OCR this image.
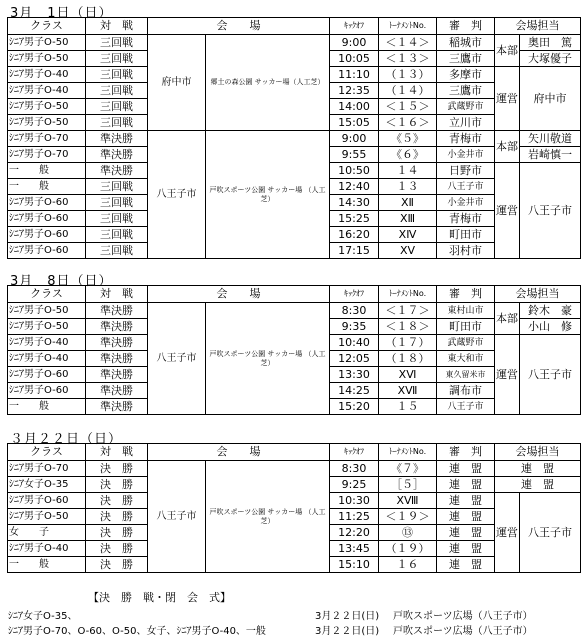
3月　1日（日）
クラス	対　戦	会　　場		ｷｯｸｵﾌ	ﾄｰﾅﾒﾝﾄNo.	審　判	会場担当	
ｼﾆｱ男子O-50	三回戦	府中市	郷土の森公園 サッカー場（人工芝）	9:00	＜１４＞	稲城市	本部	奥田　篤
ｼﾆｱ男子O-50	三回戦			10:05	＜１３＞	三鷹市		大塚優子
ｼﾆｱ男子O-40	三回戦			11:10	（１３）	多摩市	運営	府中市
ｼﾆｱ男子O-40	三回戦			12:35	（１４）	三鷹市		
ｼﾆｱ男子O-50	三回戦			14:00	＜１５＞	武蔵野市		
ｼﾆｱ男子O-50	三回戦			15:05	＜１６＞	立川市		
ｼﾆｱ男子O-70	準決勝	八王子市	戸吹スポーツ公園 サッカー場 （人工芝）	9:00	《５》	青梅市	本部	矢川敬道
ｼﾆｱ男子O-70	準決勝			9:55	《６》	小金井市		岩崎慎一
一　　般	準決勝			10:50	１４	日野市	運営	八王子市
一　　般	三回戦			12:40	１３	八王子市		
ｼﾆｱ男子O-60	三回戦			14:30	ⅩⅡ	小金井市		
ｼﾆｱ男子O-60	三回戦			15:25	ⅩⅢ	青梅市		
ｼﾆｱ男子O-60	三回戦			16:20	ⅩⅣ	町田市		
ｼﾆｱ男子O-60	三回戦			17:15	ⅩⅤ	羽村市		
3月　8日（日）
クラス	対　戦	会　　場		ｷｯｸｵﾌ	ﾄｰﾅﾒﾝﾄNo.	審　判	会場担当	
ｼﾆｱ男子O-50	準決勝	八王子市	戸吹スポーツ公園 サッカー場 （人工芝）	8:30	＜１７＞	東村山市	本部	鈴木　豪
ｼﾆｱ男子O-50	準決勝			9:35	＜１８＞	町田市		小山　修
ｼﾆｱ男子O-40	準決勝			10:40	（１７）	武蔵野市	運営	八王子市
ｼﾆｱ男子O-40	準決勝			12:05	（１８）	東大和市		
ｼﾆｱ男子O-60	準決勝			13:30	ⅩⅥ	東久留米市		
ｼﾆｱ男子O-60	準決勝			14:25	ⅩⅦ	調布市		
一　　般	準決勝			15:20	１５	八王子市		
３月２２日（日）
クラス	対　戦	会　　場		ｷｯｸｵﾌ	ﾄｰﾅﾒﾝﾄNo.	審　判	会場担当	
ｼﾆｱ男子O-70	決　勝	八王子市	戸吹スポーツ公園 サッカー場 （人工芝）	8:30	《７》	連　盟	連　盟	
ｼﾆｱ女子O-35	決　勝			9:25	［５］	連　盟	連　盟	
ｼﾆｱ男子O-60	決　勝			10:30	ⅩⅧ	連　盟	運営	八王子市
ｼﾆｱ男子O-50	決　勝			11:25	＜１９＞	連　盟		
女　　子	決　勝			12:20	⑬	連　盟		
ｼﾆｱ男子O-40	決　勝			13:45	（１９）	連　盟		
一　　般	決　勝			15:10	１６	連　盟		
【決　勝　戦・閉　会　式】
ｼﾆｱ女子O-35、	3月２２日(日) 戸吹スポーツ広場（八王子市）
ｼﾆｱ男子O-70、O-60、O-50、女子、ｼﾆｱ男子O-40、一般	3月２２日(日) 戸吹スポーツ広場（八王子市）
